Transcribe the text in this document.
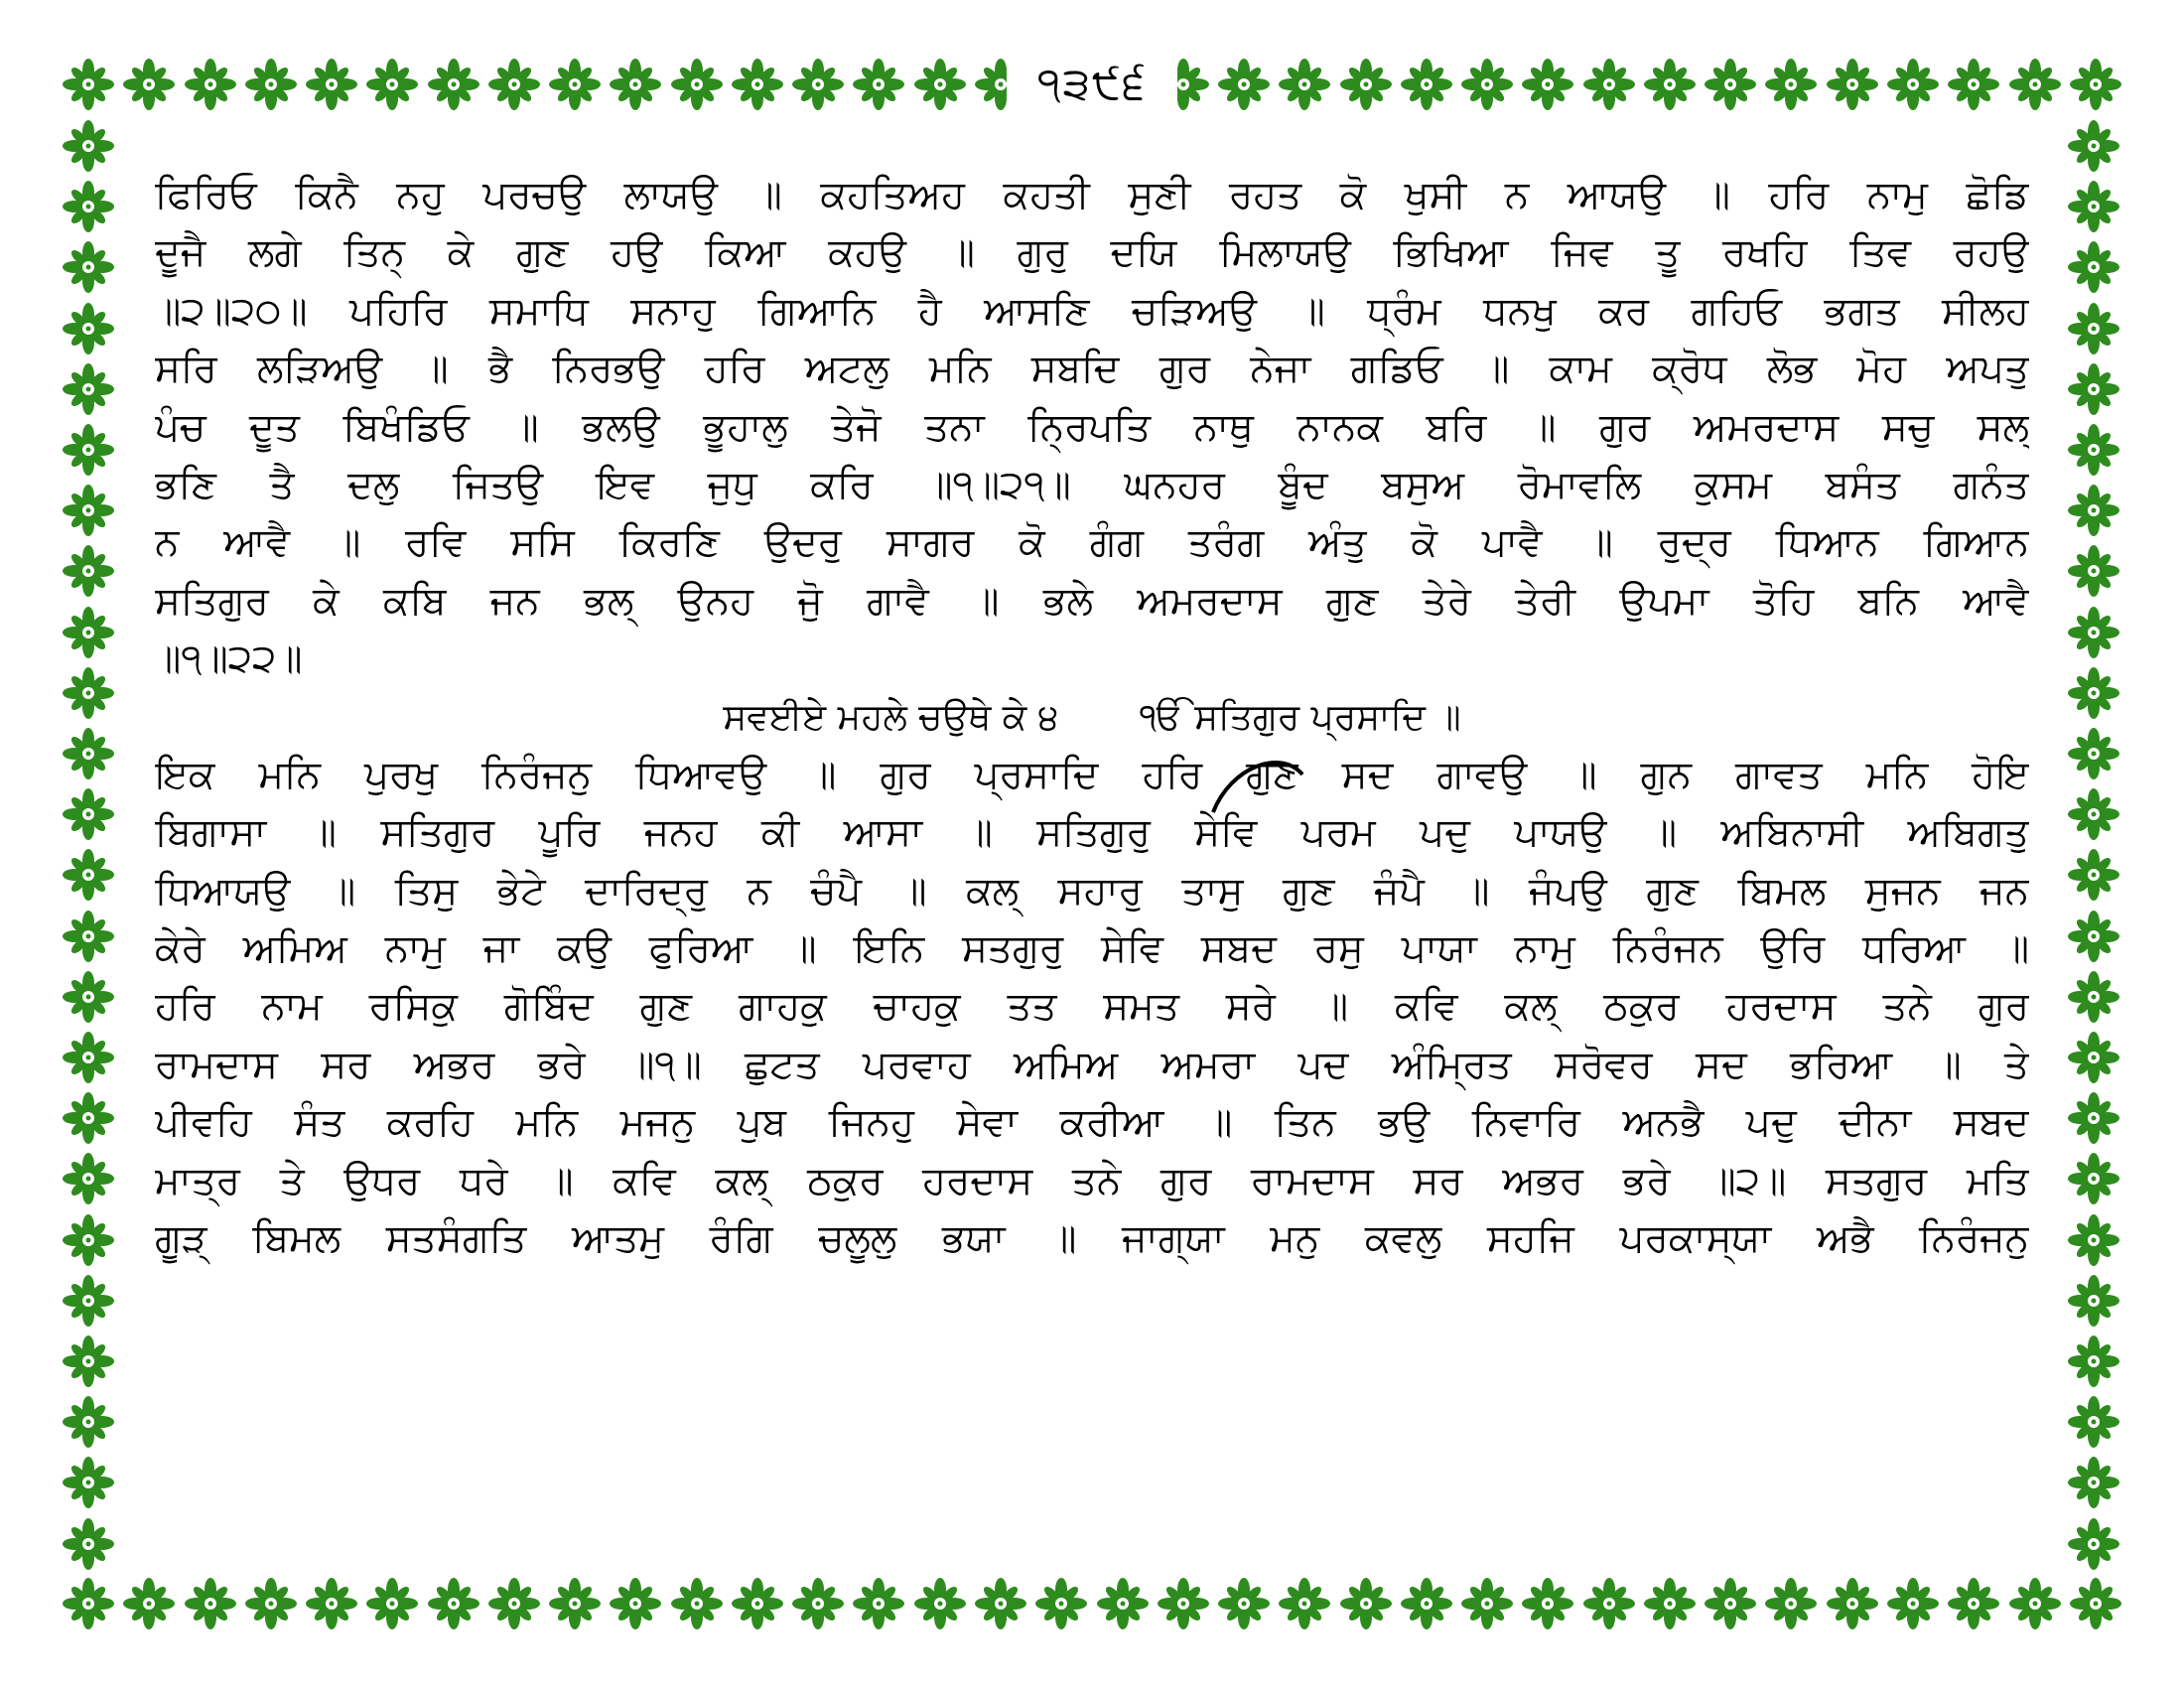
੧੩੯੬
ਫਿਰਿਓ ਕਿਨੈ ਨਹੁ ਪਰਚਉ ਲਾਯਉ ॥ ਕਹਤਿਅਹ ਕਹਤੀ ਸੁਣੀ ਰਹਤ ਕੋ ਖੁਸੀ ਨ ਆਯਉ ॥ ਹਰਿ ਨਾਮੁ ਛੋਡਿ
ਦੂਜੈ ਲਗੇ ਤਿਨ੍ ਕੇ ਗੁਣ ਹਉ ਕਿਆ ਕਹਉ ॥ ਗੁਰੁ ਦਯਿ ਮਿਲਾਯਉ ਭਿਖਿਆ ਜਿਵ ਤੂ ਰਖਹਿ ਤਿਵ ਰਹਉ
॥੨॥੨੦॥ ਪਹਿਰਿ ਸਮਾਧਿ ਸਨਾਹੁ ਗਿਆਨਿ ਹੈ ਆਸਣਿ ਚੜਿਅਉ ॥ ਧ੍ਰੰਮ ਧਨਖੁ ਕਰ ਗਹਿਓ ਭਗਤ ਸੀਲਹ
ਸਰਿ ਲੜਿਅਉ ॥ ਭੈ ਨਿਰਭਉ ਹਰਿ ਅਟਲੁ ਮਨਿ ਸਬਦਿ ਗੁਰ ਨੇਜਾ ਗਡਿਓ ॥ ਕਾਮ ਕ੍ਰੋਧ ਲੋਭ ਮੋਹ ਅਪਤੁ
ਪੰਚ ਦੂਤ ਬਿਖੰਡਿਓ ॥ ਭਲਉ ਭੂਹਾਲੁ ਤੇਜੋ ਤਨਾ ਨ੍ਰਿਪਤਿ ਨਾਥੁ ਨਾਨਕ ਬਰਿ ॥ ਗੁਰ ਅਮਰਦਾਸ ਸਚੁ ਸਲ੍
ਭਣਿ ਤੈ ਦਲੁ ਜਿਤਉ ਇਵ ਜੁਧੁ ਕਰਿ ॥੧॥੨੧॥ ਘਨਹਰ ਬੂੰਦ ਬਸੁਅ ਰੋਮਾਵਲਿ ਕੁਸਮ ਬਸੰਤ ਗਨੰਤ
ਨ ਆਵੈ ॥ ਰਵਿ ਸਸਿ ਕਿਰਣਿ ਉਦਰੁ ਸਾਗਰ ਕੋ ਗੰਗ ਤਰੰਗ ਅੰਤੁ ਕੋ ਪਾਵੈ ॥ ਰੁਦ੍ਰ ਧਿਆਨ ਗਿਆਨ
ਸਤਿਗੁਰ ਕੇ ਕਬਿ ਜਨ ਭਲ੍ ਉਨਹ ਜੁੋ ਗਾਵੈ ॥ ਭਲੇ ਅਮਰਦਾਸ ਗੁਣ ਤੇਰੇ ਤੇਰੀ ਉਪਮਾ ਤੋਹਿ ਬਨਿ ਆਵੈ
॥੧॥੨੨॥
ਸਵਈਏ ਮਹਲੇ ਚਉਥੇ ਕੇ ੪ ੴ ਸਤਿਗੁਰ ਪ੍ਰਸਾਦਿ ॥
ਇਕ ਮਨਿ ਪੁਰਖੁ ਨਿਰੰਜਨੁ ਧਿਆਵਉ ॥ ਗੁਰ ਪ੍ਰਸਾਦਿ ਹਰਿ ਗੁਣ ਸਦ ਗਾਵਉ ॥ ਗੁਨ ਗਾਵਤ ਮਨਿ ਹੋਇ
ਬਿਗਾਸਾ ॥ ਸਤਿਗੁਰ ਪੂਰਿ ਜਨਹ ਕੀ ਆਸਾ ॥ ਸਤਿਗੁਰੁ ਸੇਵਿ ਪਰਮ ਪਦੁ ਪਾਯਉ ॥ ਅਬਿਨਾਸੀ ਅਬਿਗਤੁ
ਧਿਆਯਉ ॥ ਤਿਸੁ ਭੇਟੇ ਦਾਰਿਦ੍ਰੁ ਨ ਚੰਪੈ ॥ ਕਲ੍ ਸਹਾਰੁ ਤਾਸੁ ਗੁਣ ਜੰਪੈ ॥ ਜੰਪਉ ਗੁਣ ਬਿਮਲ ਸੁਜਨ ਜਨ
ਕੇਰੇ ਅਮਿਅ ਨਾਮੁ ਜਾ ਕਉ ਫੁਰਿਆ ॥ ਇਨਿ ਸਤਗੁਰੁ ਸੇਵਿ ਸਬਦ ਰਸੁ ਪਾਯਾ ਨਾਮੁ ਨਿਰੰਜਨ ਉਰਿ ਧਰਿਆ ॥
ਹਰਿ ਨਾਮ ਰਸਿਕੁ ਗੋਬਿੰਦ ਗੁਣ ਗਾਹਕੁ ਚਾਹਕੁ ਤਤ ਸਮਤ ਸਰੇ ॥ ਕਵਿ ਕਲ੍ ਠਕੁਰ ਹਰਦਾਸ ਤਨੇ ਗੁਰ
ਰਾਮਦਾਸ ਸਰ ਅਭਰ ਭਰੇ ॥੧॥ ਛੁਟਤ ਪਰਵਾਹ ਅਮਿਅ ਅਮਰਾ ਪਦ ਅੰਮ੍ਰਿਤ ਸਰੋਵਰ ਸਦ ਭਰਿਆ ॥ ਤੇ
ਪੀਵਹਿ ਸੰਤ ਕਰਹਿ ਮਨਿ ਮਜਨੁ ਪੁਬ ਜਿਨਹੁ ਸੇਵਾ ਕਰੀਆ ॥ ਤਿਨ ਭਉ ਨਿਵਾਰਿ ਅਨਭੈ ਪਦੁ ਦੀਨਾ ਸਬਦ
ਮਾਤ੍ਰ ਤੇ ਉਧਰ ਧਰੇ ॥ ਕਵਿ ਕਲ੍ ਠਕੁਰ ਹਰਦਾਸ ਤਨੇ ਗੁਰ ਰਾਮਦਾਸ ਸਰ ਅਭਰ ਭਰੇ ॥੨॥ ਸਤਗੁਰ ਮਤਿ
ਗੂੜ੍ ਬਿਮਲ ਸਤਸੰਗਤਿ ਆਤਮੁ ਰੰਗਿ ਚਲੂਲੁ ਭਯਾ ॥ ਜਾਗ੍ਯਾ ਮਨੁ ਕਵਲੁ ਸਹਜਿ ਪਰਕਾਸ੍ਯਾ ਅਭੈ ਨਿਰੰਜਨੁ
